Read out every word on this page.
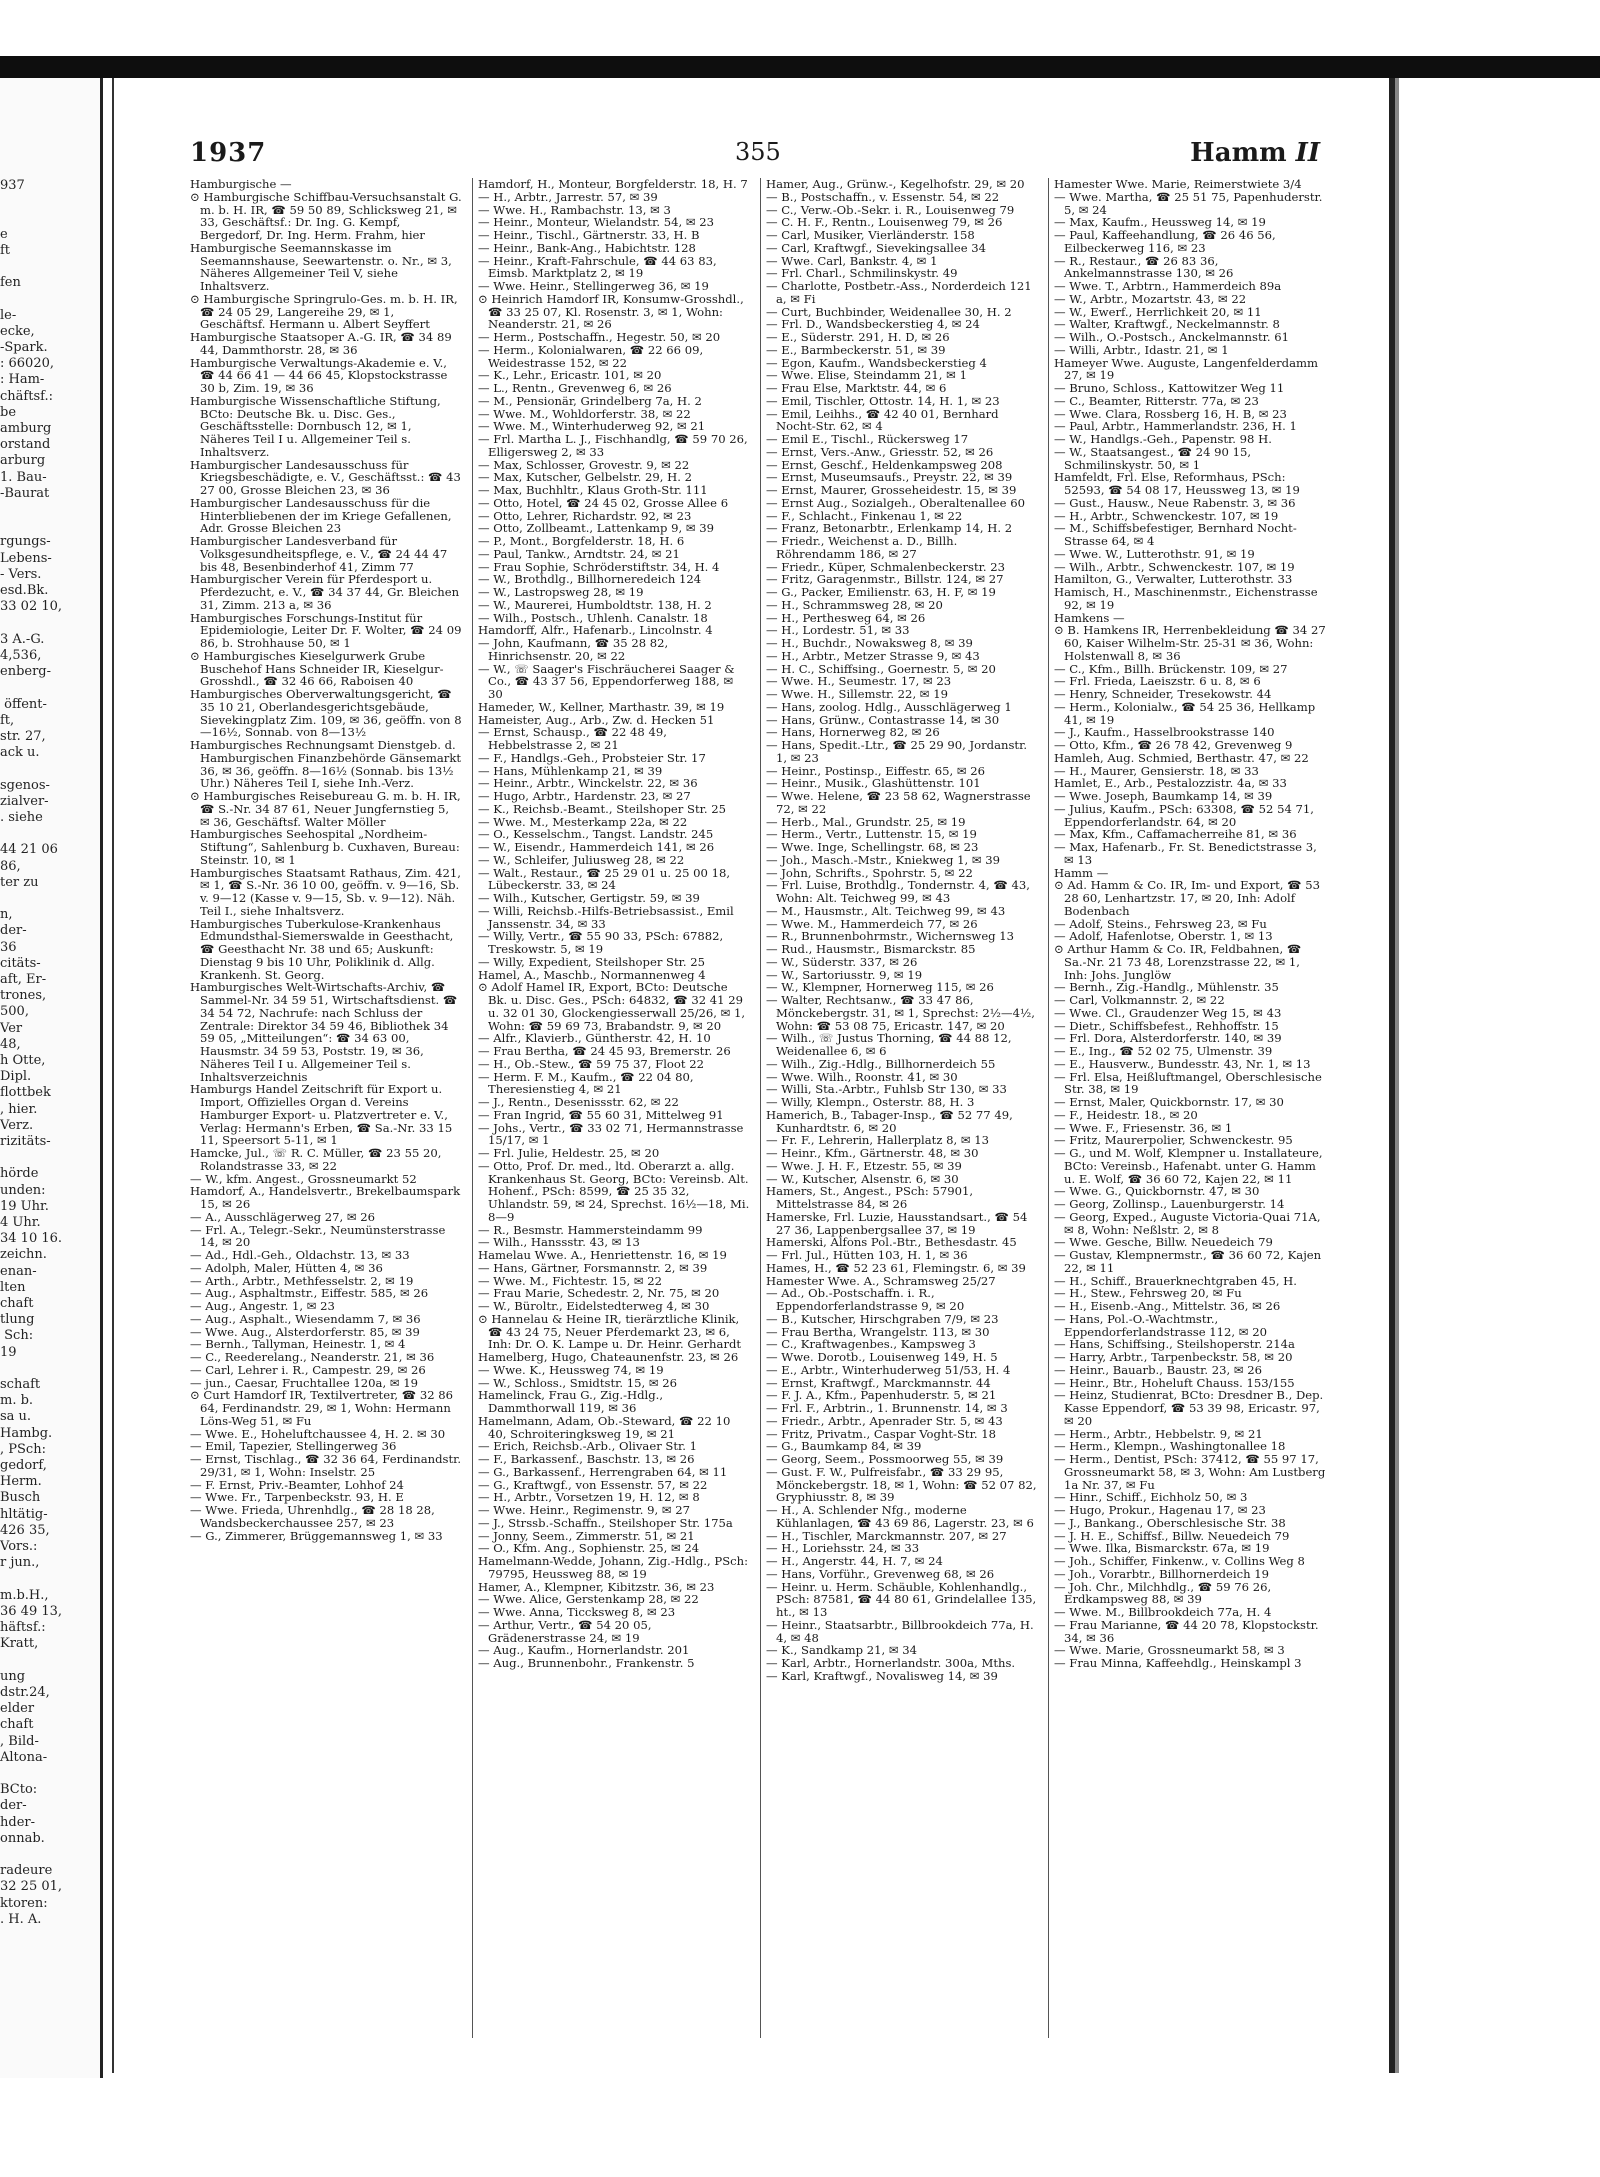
937

e
ft

fen

le-
ecke,
-Spark.
: 66020,
: Ham-
chäftsf.:
be
amburg
orstand
arburg
1. Bau-
-Baurat

rgungs-
Lebens-
- Vers.
esd.Bk.
33 02 10,

3 A.-G.
4,536,
enberg-

öffent-
ft,
str. 27,
ack u.

sgenos-
zialver-
. siehe

44 21 06
86,
ter zu

n,
der-
36
citäts-
aft, Er-
trones,
500,
Ver
48,
h Otte,
Dipl.
flottbek
, hier.
Verz.
rizitäts-

hörde
unden:
19 Uhr.
4 Uhr.
34 10 16.
zeichn.
enan-
lten
chaft
tlung
Sch:
19

schaft
m. b.
sa u.
Hambg.
, PSch:
gedorf,
Herm.
Busch
hltätig-
426 35,
Vors.:
r jun.,

m.b.H.,
36 49 13,
häftsf.:
Kratt,

ung
dstr.24,
elder
chaft
, Bild-
Altona-

BCto:
der-
hder-
onnab.

radeure
32 25 01,
ktoren:
. H. A.
1937	355	Hamm II

Hamburgische —

⊙ Hamburgische Schiffbau-Versuchsanstalt G. m. b. H. IR, ☎ 59 50 89, Schlicksweg 21, ✉ 33, Geschäftsf.: Dr. Ing. G. Kempf, Bergedorf, Dr. Ing. Herm. Frahm, hier

Hamburgische Seemannskasse im Seemannshause, Seewartenstr. o. Nr., ✉ 3, Näheres Allgemeiner Teil V, siehe Inhaltsverz.

⊙ Hamburgische Springrulo-Ges. m. b. H. IR, ☎ 24 05 29, Langereihe 29, ✉ 1, Geschäftsf. Hermann u. Albert Seyffert

Hamburgische Staatsoper A.-G. IR, ☎ 34 89 44, Dammthorstr. 28, ✉ 36

Hamburgische Verwaltungs-Akademie e. V., ☎ 44 66 41 — 44 66 45, Klopstockstrasse 30 b, Zim. 19, ✉ 36

Hamburgische Wissenschaftliche Stiftung, BCto: Deutsche Bk. u. Disc. Ges., Geschäftsstelle: Dornbusch 12, ✉ 1, Näheres Teil I u. Allgemeiner Teil s. Inhaltsverz.

Hamburgischer Landesausschuss für Kriegsbeschädigte, e. V., Geschäftsst.: ☎ 43 27 00, Grosse Bleichen 23, ✉ 36

Hamburgischer Landesausschuss für die Hinterbliebenen der im Kriege Gefallenen, Adr. Grosse Bleichen 23

Hamburgischer Landesverband für Volksgesundheitspflege, e. V., ☎ 24 44 47 bis 48, Besenbinderhof 41, Zimm 77

Hamburgischer Verein für Pferdesport u. Pferdezucht, e. V., ☎ 34 37 44, Gr. Bleichen 31, Zimm. 213 a, ✉ 36

Hamburgisches Forschungs-Institut für Epidemiologie, Leiter Dr. F. Wolter, ☎ 24 09 86, b. Strohhause 50, ✉ 1

⊙ Hamburgisches Kieselgurwerk Grube Buschehof Hans Schneider IR, Kieselgur-Grosshdl., ☎ 32 46 66, Raboisen 40

Hamburgisches Oberverwaltungsgericht, ☎ 35 10 21, Oberlandesgerichtsgebäude, Sievekingplatz Zim. 109, ✉ 36, geöffn. von 8—16½, Sonnab. von 8—13½

Hamburgisches Rechnungsamt Dienstgeb. d. Hamburgischen Finanzbehörde Gänsemarkt 36, ✉ 36, geöffn. 8—16½ (Sonnab. bis 13½ Uhr.) Näheres Teil I, siehe Inh.-Verz.

⊙ Hamburgisches Reisebureau G. m. b. H. IR, ☎ S.-Nr. 34 87 61, Neuer Jungfernstieg 5, ✉ 36, Geschäftsf. Walter Möller

Hamburgisches Seehospital „Nordheim-Stiftung“, Sahlenburg b. Cuxhaven, Bureau: Steinstr. 10, ✉ 1

Hamburgisches Staatsamt Rathaus, Zim. 421, ✉ 1, ☎ S.-Nr. 36 10 00, geöffn. v. 9—16, Sb. v. 9—12 (Kasse v. 9—15, Sb. v. 9—12). Näh. Teil I., siehe Inhaltsverz.

Hamburgisches Tuberkulose-Krankenhaus Edmundsthal-Siemerswalde in Geesthacht, ☎ Geesthacht Nr. 38 und 65; Auskunft: Dienstag 9 bis 10 Uhr, Poliklinik d. Allg. Krankenh. St. Georg.

Hamburgisches Welt-Wirtschafts-Archiv, ☎ Sammel-Nr. 34 59 51, Wirtschaftsdienst. ☎ 34 54 72, Nachrufe: nach Schluss der Zentrale: Direktor 34 59 46, Bibliothek 34 59 05, „Mitteilungen“: ☎ 34 63 00, Hausmstr. 34 59 53, Poststr. 19, ✉ 36, Näheres Teil I u. Allgemeiner Teil s. Inhaltsverzeichnis

Hamburgs Handel Zeitschrift für Export u. Import, Offizielles Organ d. Vereins Hamburger Export- u. Platzvertreter e. V., Verlag: Hermann's Erben, ☎ Sa.-Nr. 33 15 11, Speersort 5-11, ✉ 1

Hamcke, Jul., ☏ R. C. Müller, ☎ 23 55 20, Rolandstrasse 33, ✉ 22

— W., kfm. Angest., Grossneumarkt 52

Hamdorf, A., Handelsvertr., Brekelbaumspark 15, ✉ 26

— A., Ausschlägerweg 27, ✉ 26

— Frl. A., Telegr.-Sekr., Neumünsterstrasse 14, ✉ 20

— Ad., Hdl.-Geh., Oldachstr. 13, ✉ 33

— Adolph, Maler, Hütten 4, ✉ 36

— Arth., Arbtr., Methfesselstr. 2, ✉ 19

— Aug., Asphaltmstr., Eiffestr. 585, ✉ 26

— Aug., Angestr. 1, ✉ 23

— Aug., Asphalt., Wiesendamm 7, ✉ 36

— Wwe. Aug., Alsterdorferstr. 85, ✉ 39

— Bernh., Tallyman, Heinestr. 1, ✉ 4

— C., Reederelang., Neanderstr. 21, ✉ 36

— Carl, Lehrer i. R., Campestr. 29, ✉ 26

— jun., Caesar, Fruchtallee 120a, ✉ 19

⊙ Curt Hamdorf IR, Textilvertreter, ☎ 32 86 64, Ferdinandstr. 29, ✉ 1, Wohn: Hermann Löns-Weg 51, ✉ Fu

— Wwe. E., Hoheluftchaussee 4, H. 2. ✉ 30

— Emil, Tapezier, Stellingerweg 36

— Ernst, Tischlag., ☎ 32 36 64, Ferdinandstr. 29/31, ✉ 1, Wohn: Inselstr. 25

— F. Ernst, Priv.-Beamter, Lohhof 24

— Wwe. Fr., Tarpenbeckstr. 93, H. E

— Wwe. Frieda, Uhrenhdlg., ☎ 28 18 28, Wandsbeckerchaussee 257, ✉ 23

— G., Zimmerer, Brüggemannsweg 1, ✉ 33

Hamdorf, H., Monteur, Borgfelderstr. 18, H. 7

— H., Arbtr., Jarrestr. 57, ✉ 39

— Wwe. H., Rambachstr. 13, ✉ 3

— Heinr., Monteur, Wielandstr. 54, ✉ 23

— Heinr., Tischl., Gärtnerstr. 33, H. B

— Heinr., Bank-Ang., Habichtstr. 128

— Heinr., Kraft-Fahrschule, ☎ 44 63 83, Eimsb. Marktplatz 2, ✉ 19

— Wwe. Heinr., Stellingerweg 36, ✉ 19

⊙ Heinrich Hamdorf IR, Konsumw-Grosshdl., ☎ 33 25 07, Kl. Rosenstr. 3, ✉ 1, Wohn: Neanderstr. 21, ✉ 26

— Herm., Postschaffn., Hegestr. 50, ✉ 20

— Herm., Kolonialwaren, ☎ 22 66 09, Weidestrasse 152, ✉ 22

— K., Lehr., Ericastr. 101, ✉ 20

— L., Rentn., Grevenweg 6, ✉ 26

— M., Pensionär, Grindelberg 7a, H. 2

— Wwe. M., Wohldorferstr. 38, ✉ 22

— Wwe. M., Winterhuderweg 92, ✉ 21

— Frl. Martha L. J., Fischhandlg, ☎ 59 70 26, Elligersweg 2, ✉ 33

— Max, Schlosser, Grovestr. 9, ✉ 22

— Max, Kutscher, Gelbelstr. 29, H. 2

— Max, Buchhltr., Klaus Groth-Str. 111

— Otto, Hotel, ☎ 24 45 02, Grosse Allee 6

— Otto, Lehrer, Richardstr. 92, ✉ 23

— Otto, Zollbeamt., Lattenkamp 9, ✉ 39

— P., Mont., Borgfelderstr. 18, H. 6

— Paul, Tankw., Arndtstr. 24, ✉ 21

— Frau Sophie, Schröderstiftstr. 34, H. 4

— W., Brothdlg., Billhorneredeich 124

— W., Lastropsweg 28, ✉ 19

— W., Maurerei, Humboldtstr. 138, H. 2

— Wilh., Postsch., Uhlenh. Canalstr. 18

Hamdorff, Alfr., Hafenarb., Lincolnstr. 4

— John, Kaufmann, ☎ 35 28 82, Hinrichsenstr. 20, ✉ 22

— W., ☏ Saager's Fischräucherei Saager & Co., ☎ 43 37 56, Eppendorferweg 188, ✉ 30

Hameder, W., Kellner, Marthastr. 39, ✉ 19

Hameister, Aug., Arb., Zw. d. Hecken 51

— Ernst, Schausp., ☎ 22 48 49, Hebbelstrasse 2, ✉ 21

— F., Handlgs.-Geh., Probsteier Str. 17

— Hans, Mühlenkamp 21, ✉ 39

— Heinr., Arbtr., Winckelstr. 22, ✉ 36

— Hugo, Arbtr., Hardenstr. 23, ✉ 27

— K., Reichsb.-Beamt., Steilshoper Str. 25

— Wwe. M., Mesterkamp 22a, ✉ 22

— O., Kesselschm., Tangst. Landstr. 245

— W., Eisendr., Hammerdeich 141, ✉ 26

— W., Schleifer, Juliusweg 28, ✉ 22

— Walt., Restaur., ☎ 25 29 01 u. 25 00 18, Lübeckerstr. 33, ✉ 24

— Wilh., Kutscher, Gertigstr. 59, ✉ 39

— Willi, Reichsb.-Hilfs-Betriebsassist., Emil Janssenstr. 34, ✉ 33

— Willy, Vertr., ☎ 55 90 33, PSch: 67882, Treskowstr. 5, ✉ 19

— Willy, Expedient, Steilshoper Str. 25

Hamel, A., Maschb., Normannenweg 4

⊙ Adolf Hamel IR, Export, BCto: Deutsche Bk. u. Disc. Ges., PSch: 64832, ☎ 32 41 29 u. 32 01 30, Glockengiesserwall 25/26, ✉ 1, Wohn: ☎ 59 69 73, Brabandstr. 9, ✉ 20

— Alfr., Klavierb., Güntherstr. 42, H. 10

— Frau Bertha, ☎ 24 45 93, Bremerstr. 26

— H., Ob.-Stew., ☎ 59 75 37, Floot 22

— Herm. F. M., Kaufm., ☎ 22 04 80, Theresienstieg 4, ✉ 21

— J., Rentn., Desenissstr. 62, ✉ 22

— Fran Ingrid, ☎ 55 60 31, Mittelweg 91

— Johs., Vertr., ☎ 33 02 71, Hermannstrasse 15/17, ✉ 1

— Frl. Julie, Heldestr. 25, ✉ 20

— Otto, Prof. Dr. med., ltd. Oberarzt a. allg. Krankenhaus St. Georg, BCto: Vereinsb. Alt. Hohenf., PSch: 8599, ☎ 25 35 32, Uhlandstr. 59, ✉ 24, Sprechst. 16½—18, Mi. 8—9

— R., Besmstr. Hammersteindamm 99

— Wilh., Hanssstr. 43, ✉ 13

Hamelau Wwe. A., Henriettenstr. 16, ✉ 19

— Hans, Gärtner, Forsmannstr. 2, ✉ 39

— Wwe. M., Fichtestr. 15, ✉ 22

— Frau Marie, Schedestr. 2, Nr. 75, ✉ 20

— W., Büroltr., Eidelstedterweg 4, ✉ 30

⊙ Hannelau & Heine IR, tierärztliche Klinik, ☎ 43 24 75, Neuer Pferdemarkt 23, ✉ 6, Inh: Dr. O. K. Lampe u. Dr. Heinr. Gerhardt

Hamelberg, Hugo, Chateaunenfstr. 23, ✉ 26

— Wwe. K., Heussweg 74, ✉ 19

— W., Schloss., Smidtstr. 15, ✉ 26

Hamelinck, Frau G., Zig.-Hdlg., Dammthorwall 119, ✉ 36

Hamelmann, Adam, Ob.-Steward, ☎ 22 10 40, Schroiteringksweg 19, ✉ 21

— Erich, Reichsb.-Arb., Olivaer Str. 1

— F., Barkassenf., Baschstr. 13, ✉ 26

— G., Barkassenf., Herrengraben 64, ✉ 11

— G., Kraftwgf., von Essenstr. 57, ✉ 22

— H., Arbtr., Vorsetzen 19, H. 12, ✉ 8

— Wwe. Heinr., Regimenstr. 9, ✉ 27

— J., Strssb.-Schaffn., Steilshoper Str. 175a

— Jonny, Seem., Zimmerstr. 51, ✉ 21

— O., Kfm. Ang., Sophienstr. 25, ✉ 24

Hamelmann-Wedde, Johann, Zig.-Hdlg., PSch: 79795, Heussweg 88, ✉ 19

Hamer, A., Klempner, Kibitzstr. 36, ✉ 23

— Wwe. Alice, Gerstenkamp 28, ✉ 22

— Wwe. Anna, Ticcksweg 8, ✉ 23

— Arthur, Vertr., ☎ 54 20 05, Grädenerstrasse 24, ✉ 19

— Aug., Kaufm., Hornerlandstr. 201

— Aug., Brunnenbohr., Frankenstr. 5

Hamer, Aug., Grünw.-, Kegelhofstr. 29, ✉ 20

— B., Postschaffn., v. Essenstr. 54, ✉ 22

— C., Verw.-Ob.-Sekr. i. R., Louisenweg 79

— C. H. F., Rentn., Louisenweg 79, ✉ 26

— Carl, Musiker, Vierländerstr. 158

— Carl, Kraftwgf., Sievekingsallee 34

— Wwe. Carl, Bankstr. 4, ✉ 1

— Frl. Charl., Schmilinskystr. 49

— Charlotte, Postbetr.-Ass., Norderdeich 121 a, ✉ Fi

— Curt, Buchbinder, Weidenallee 30, H. 2

— Frl. D., Wandsbeckerstieg 4, ✉ 24

— E., Süderstr. 291, H. D, ✉ 26

— E., Barmbeckerstr. 51, ✉ 39

— Egon, Kaufm., Wandsbeckerstieg 4

— Wwe. Elise, Steindamm 21, ✉ 1

— Frau Else, Marktstr. 44, ✉ 6

— Emil, Tischler, Ottostr. 14, H. 1, ✉ 23

— Emil, Leihhs., ☎ 42 40 01, Bernhard Nocht-Str. 62, ✉ 4

— Emil E., Tischl., Rückersweg 17

— Ernst, Vers.-Anw., Griesstr. 52, ✉ 26

— Ernst, Geschf., Heldenkampsweg 208

— Ernst, Museumsaufs., Preystr. 22, ✉ 39

— Ernst, Maurer, Grosseheidestr. 15, ✉ 39

— Ernst Aug., Sozialgeh., Oberaltenallee 60

— F., Schlacht., Finkenau 1, ✉ 22

— Franz, Betonarbtr., Erlenkamp 14, H. 2

— Friedr., Weichenst a. D., Billh. Röhrendamm 186, ✉ 27

— Friedr., Küper, Schmalenbeckerstr. 23

— Fritz, Garagenmstr., Billstr. 124, ✉ 27

— G., Packer, Emilienstr. 63, H. F, ✉ 19

— H., Schrammsweg 28, ✉ 20

— H., Perthesweg 64, ✉ 26

— H., Lordestr. 51, ✉ 33

— H., Buchdr., Nowaksweg 8, ✉ 39

— H., Arbtr., Metzer Strasse 9, ✉ 43

— H. C., Schiffsing., Goernestr. 5, ✉ 20

— Wwe. H., Seumestr. 17, ✉ 23

— Wwe. H., Sillemstr. 22, ✉ 19

— Hans, zoolog. Hdlg., Ausschlägerweg 1

— Hans, Grünw., Contastrasse 14, ✉ 30

— Hans, Hornerweg 82, ✉ 26

— Hans, Spedit.-Ltr., ☎ 25 29 90, Jordanstr. 1, ✉ 23

— Heinr., Postinsp., Eiffestr. 65, ✉ 26

— Heinr., Musik., Glashüttenstr. 101

— Wwe. Helene, ☎ 23 58 62, Wagnerstrasse 72, ✉ 22

— Herb., Mal., Grundstr. 25, ✉ 19

— Herm., Vertr., Luttenstr. 15, ✉ 19

— Wwe. Inge, Schellingstr. 68, ✉ 23

— Joh., Masch.-Mstr., Kniekweg 1, ✉ 39

— John, Schrifts., Spohrstr. 5, ✉ 22

— Frl. Luise, Brothdlg., Tondernstr. 4, ☎ 43, Wohn: Alt. Teichweg 99, ✉ 43

— M., Hausmstr., Alt. Teichweg 99, ✉ 43

— Wwe. M., Hammerdeich 77, ✉ 26

— R., Brunnenbohrmstr., Wichernsweg 13

— Rud., Hausmstr., Bismarckstr. 85

— W., Süderstr. 337, ✉ 26

— W., Sartoriusstr. 9, ✉ 19

— W., Klempner, Hornerweg 115, ✉ 26

— Walter, Rechtsanw., ☎ 33 47 86, Mönckebergstr. 31, ✉ 1, Sprechst: 2½—4½, Wohn: ☎ 53 08 75, Ericastr. 147, ✉ 20

— Wilh., ☏ Justus Thorning, ☎ 44 88 12, Weidenallee 6, ✉ 6

— Wilh., Zig.-Hdlg., Billhornerdeich 55

— Wwe. Wilh., Roonstr. 41, ✉ 30

— Willi, Sta.-Arbtr., Fuhlsb Str 130, ✉ 33

— Willy, Klempn., Osterstr. 88, H. 3

Hamerich, B., Tabager-Insp., ☎ 52 77 49, Kunhardtstr. 6, ✉ 20

— Fr. F., Lehrerin, Hallerplatz 8, ✉ 13

— Heinr., Kfm., Gärtnerstr. 48, ✉ 30

— Wwe. J. H. F., Etzestr. 55, ✉ 39

— W., Kutscher, Alsenstr. 6, ✉ 30

Hamers, St., Angest., PSch: 57901, Mittelstrasse 84, ✉ 26

Hamerske, Frl. Luzie, Hausstandsart., ☎ 54 27 36, Lappenbergsallee 37, ✉ 19

Hamerski, Alfons Pol.-Btr., Bethesdastr. 45

— Frl. Jul., Hütten 103, H. 1, ✉ 36

Hames, H., ☎ 52 23 61, Flemingstr. 6, ✉ 39

Hamester Wwe. A., Schramsweg 25/27

— Ad., Ob.-Postschaffn. i. R., Eppendorferlandstrasse 9, ✉ 20

— B., Kutscher, Hirschgraben 7/9, ✉ 23

— Frau Bertha, Wrangelstr. 113, ✉ 30

— C., Kraftwagenbes., Kampsweg 3

— Wwe. Dorotb., Louisenweg 149, H. 5

— E., Arbtr., Winterhuderweg 51/53, H. 4

— Ernst, Kraftwgf., Marckmannstr. 44

— F. J. A., Kfm., Papenhuderstr. 5, ✉ 21

— Frl. F., Arbtrin., 1. Brunnenstr. 14, ✉ 3

— Friedr., Arbtr., Apenrader Str. 5, ✉ 43

— Fritz, Privatm., Caspar Voght-Str. 18

— G., Baumkamp 84, ✉ 39

— Georg, Seem., Possmoorweg 55, ✉ 39

— Gust. F. W., Pulfreisfabr., ☎ 33 29 95, Mönckebergstr. 18, ✉ 1, Wohn: ☎ 52 07 82, Gryphiusstr. 8, ✉ 39

— H., A. Schlender Nfg., moderne Kühlanlagen, ☎ 43 69 86, Lagerstr. 23, ✉ 6

— H., Tischler, Marckmannstr. 207, ✉ 27

— H., Loriehsstr. 24, ✉ 33

— H., Angerstr. 44, H. 7, ✉ 24

— Hans, Vorführ., Grevenweg 68, ✉ 26

— Heinr. u. Herm. Schäuble, Kohlenhandlg., PSch: 87581, ☎ 44 80 61, Grindelallee 135, ht., ✉ 13

— Heinr., Staatsarbtr., Billbrookdeich 77a, H. 4, ✉ 48

— K., Sandkamp 21, ✉ 34

— Karl, Arbtr., Hornerlandstr. 300a, Mths.

— Karl, Kraftwgf., Novalisweg 14, ✉ 39

Hamester Wwe. Marie, Reimerstwiete 3/4

— Wwe. Martha, ☎ 25 51 75, Papenhuderstr. 5, ✉ 24

— Max, Kaufm., Heussweg 14, ✉ 19

— Paul, Kaffeehandlung, ☎ 26 46 56, Eilbeckerweg 116, ✉ 23

— R., Restaur., ☎ 26 83 36, Ankelmannstrasse 130, ✉ 26

— Wwe. T., Arbtrn., Hammerdeich 89a

— W., Arbtr., Mozartstr. 43, ✉ 22

— W., Ewerf., Herrlichkeit 20, ✉ 11

— Walter, Kraftwgf., Neckelmannstr. 8

— Wilh., O.-Postsch., Anckelmannstr. 61

— Willi, Arbtr., Idastr. 21, ✉ 1

Hameyer Wwe. Auguste, Langenfelderdamm 27, ✉ 19

— Bruno, Schloss., Kattowitzer Weg 11

— C., Beamter, Ritterstr. 77a, ✉ 23

— Wwe. Clara, Rossberg 16, H. B, ✉ 23

— Paul, Arbtr., Hammerlandstr. 236, H. 1

— W., Handlgs.-Geh., Papenstr. 98 H.

— W., Staatsangest., ☎ 24 90 15, Schmilinskystr. 50, ✉ 1

Hamfeldt, Frl. Else, Reformhaus, PSch: 52593, ☎ 54 08 17, Heussweg 13, ✉ 19

— Gust., Hausw., Neue Rabenstr. 3, ✉ 36

— H., Arbtr., Schwenckestr. 107, ✉ 19

— M., Schiffsbefestiger, Bernhard Nocht-Strasse 64, ✉ 4

— Wwe. W., Lutterothstr. 91, ✉ 19

— Wilh., Arbtr., Schwenckestr. 107, ✉ 19

Hamilton, G., Verwalter, Lutterothstr. 33

Hamisch, H., Maschinenmstr., Eichenstrasse 92, ✉ 19

Hamkens —

⊙ B. Hamkens IR, Herrenbekleidung ☎ 34 27 60, Kaiser Wilhelm-Str. 25-31 ✉ 36, Wohn: Holstenwall 8, ✉ 36

— C., Kfm., Billh. Brückenstr. 109, ✉ 27

— Frl. Frieda, Laeiszstr. 6 u. 8, ✉ 6

— Henry, Schneider, Tresekowstr. 44

— Herm., Kolonialw., ☎ 54 25 36, Hellkamp 41, ✉ 19

— J., Kaufm., Hasselbrookstrasse 140

— Otto, Kfm., ☎ 26 78 42, Grevenweg 9

Hamleh, Aug. Schmied, Berthastr. 47, ✉ 22

— H., Maurer, Gensierstr. 18, ✉ 33

Hamlet, E., Arb., Pestalozzistr. 4a, ✉ 33

— Wwe. Joseph, Baumkamp 14, ✉ 39

— Julius, Kaufm., PSch: 63308, ☎ 52 54 71, Eppendorferlandstr. 64, ✉ 20

— Max, Kfm., Caffamacherreihe 81, ✉ 36

— Max, Hafenarb., Fr. St. Benedictstrasse 3, ✉ 13

Hamm —

⊙ Ad. Hamm & Co. IR, Im- und Export, ☎ 53 28 60, Lenhartzstr. 17, ✉ 20, Inh: Adolf Bodenbach

— Adolf, Steins., Fehrsweg 23, ✉ Fu

— Adolf, Hafenlotse, Oberstr. 1, ✉ 13

⊙ Arthur Hamm & Co. IR, Feldbahnen, ☎ Sa.-Nr. 21 73 48, Lorenzstrasse 22, ✉ 1, Inh: Johs. Junglöw

— Bernh., Zig.-Handlg., Mühlenstr. 35

— Carl, Volkmannstr. 2, ✉ 22

— Wwe. Cl., Graudenzer Weg 15, ✉ 43

— Dietr., Schiffsbefest., Rehhoffstr. 15

— Frl. Dora, Alsterdorferstr. 140, ✉ 39

— E., Ing., ☎ 52 02 75, Ulmenstr. 39

— E., Hausverw., Bundesstr. 43, Nr. 1, ✉ 13

— Frl. Elsa, Heißluftmangel, Oberschlesische Str. 38, ✉ 19

— Ernst, Maler, Quickbornstr. 17, ✉ 30

— F., Heidestr. 18., ✉ 20

— Wwe. F., Friesenstr. 36, ✉ 1

— Fritz, Maurerpolier, Schwenckestr. 95

— G., und M. Wolf, Klempner u. Installateure, BCto: Vereinsb., Hafenabt. unter G. Hamm u. E. Wolf, ☎ 36 60 72, Kajen 22, ✉ 11

— Wwe. G., Quickbornstr. 47, ✉ 30

— Georg, Zollinsp., Lauenburgerstr. 14

— Georg, Exped., Auguste Victoria-Quai 71A, ✉ 8, Wohn: Neßlstr. 2, ✉ 8

— Wwe. Gesche, Billw. Neuedeich 79

— Gustav, Klempnermstr., ☎ 36 60 72, Kajen 22, ✉ 11

— H., Schiff., Brauerknechtgraben 45, H.

— H., Stew., Fehrsweg 20, ✉ Fu

— H., Eisenb.-Ang., Mittelstr. 36, ✉ 26

— Hans, Pol.-O.-Wachtmstr., Eppendorferlandstrasse 112, ✉ 20

— Hans, Schiffsing., Steilshoperstr. 214a

— Harry, Arbtr., Tarpenbeckstr. 58, ✉ 20

— Heinr., Bauarb., Baustr. 23, ✉ 26

— Heinr., Btr., Hoheluft Chauss. 153/155

— Heinz, Studienrat, BCto: Dresdner B., Dep. Kasse Eppendorf, ☎ 53 39 98, Ericastr. 97, ✉ 20

— Herm., Arbtr., Hebbelstr. 9, ✉ 21

— Herm., Klempn., Washingtonallee 18

— Herm., Dentist, PSch: 37412, ☎ 55 97 17, Grossneumarkt 58, ✉ 3, Wohn: Am Lustberg 1a Nr. 37, ✉ Fu

— Hinr., Schiff., Eichholz 50, ✉ 3

— Hugo, Prokur., Hagenau 17, ✉ 23

— J., Bankang., Oberschlesische Str. 38

— J. H. E., Schiffsf., Billw. Neuedeich 79

— Wwe. Ilka, Bismarckstr. 67a, ✉ 19

— Joh., Schiffer, Finkenw., v. Collins Weg 8

— Joh., Vorarbtr., Billhornerdeich 19

— Joh. Chr., Milchhdlg., ☎ 59 76 26, Erdkampsweg 88, ✉ 39

— Wwe. M., Billbrookdeich 77a, H. 4

— Frau Marianne, ☎ 44 20 78, Klopstockstr. 34, ✉ 36

— Wwe. Marie, Grossneumarkt 58, ✉ 3

— Frau Minna, Kaffeehdlg., Heinskampl 3
